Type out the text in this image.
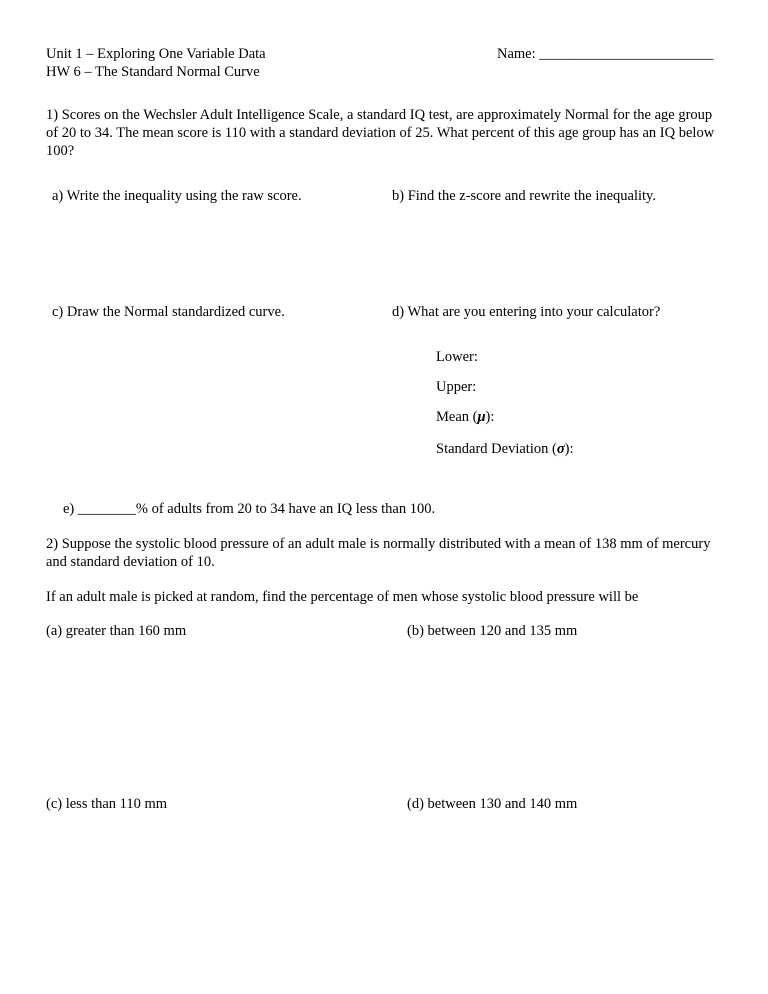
Unit 1 – Exploring One Variable Data
HW 6 – The Standard Normal Curve
Name: ________________________
1) Scores on the Wechsler Adult Intelligence Scale, a standard IQ test, are approximately Normal for the age group of 20 to 34. The mean score is 110 with a standard deviation of 25. What percent of this age group has an IQ below 100?
a) Write the inequality using the raw score.	b) Find the z-score and rewrite the inequality.
c) Draw the Normal standardized curve.	d) What are you entering into your calculator?
Lower:
Upper:
Mean (μ):
Standard Deviation (σ):
e) ________% of adults from 20 to 34 have an IQ less than 100.
2) Suppose the systolic blood pressure of an adult male is normally distributed with a mean of 138 mm of mercury and standard deviation of 10.
If an adult male is picked at random, find the percentage of men whose systolic blood pressure will be
(a) greater than 160 mm	(b) between 120 and 135 mm
(c) less than 110 mm	(d) between 130 and 140 mm
